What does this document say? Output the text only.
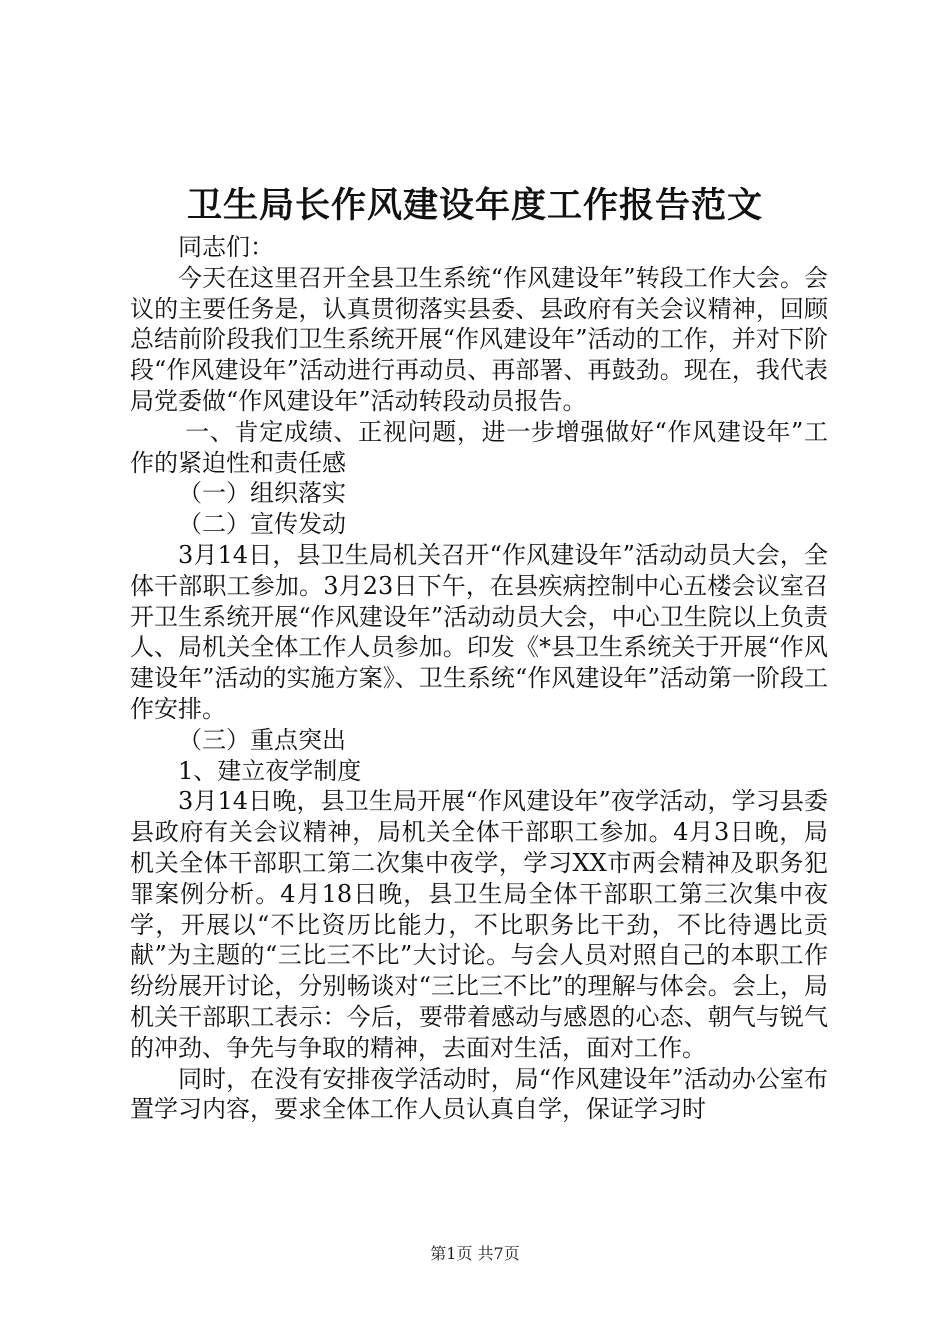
卫生局长作风建设年度工作报告范文

同志们：

今天在这里召开全县卫生系统“作风建设年”转段工作大会。会议的主要任务是，认真贯彻落实县委、县政府有关会议精神，回顾总结前阶段我们卫生系统开展“作风建设年”活动的工作，并对下阶段“作风建设年”活动进行再动员、再部署、再鼓劲。现在，我代表局党委做“作风建设年”活动转段动员报告。

一、肯定成绩、正视问题，进一步增强做好“作风建设年”工作的紧迫性和责任感

（一）组织落实

（二）宣传发动

3月14日，县卫生局机关召开“作风建设年”活动动员大会，全体干部职工参加。3月23日下午，在县疾病控制中心五楼会议室召开卫生系统开展“作风建设年”活动动员大会，中心卫生院以上负责人、局机关全体工作人员参加。印发《*县卫生系统关于开展“作风建设年”活动的实施方案》、卫生系统“作风建设年”活动第一阶段工作安排。

（三）重点突出

1、建立夜学制度

3月14日晚，县卫生局开展“作风建设年”夜学活动，学习县委县政府有关会议精神，局机关全体干部职工参加。4月3日晚，局机关全体干部职工第二次集中夜学，学习XX市两会精神及职务犯罪案例分析。4月18日晚，县卫生局全体干部职工第三次集中夜学，开展以“不比资历比能力，不比职务比干劲，不比待遇比贡献”为主题的“三比三不比”大讨论。与会人员对照自己的本职工作纷纷展开讨论，分别畅谈对“三比三不比”的理解与体会。会上，局机关干部职工表示：今后，要带着感动与感恩的心态、朝气与锐气的冲劲、争先与争取的精神，去面对生活，面对工作。

同时，在没有安排夜学活动时，局“作风建设年”活动办公室布置学习内容，要求全体工作人员认真自学，保证学习时

第1页 共7页
